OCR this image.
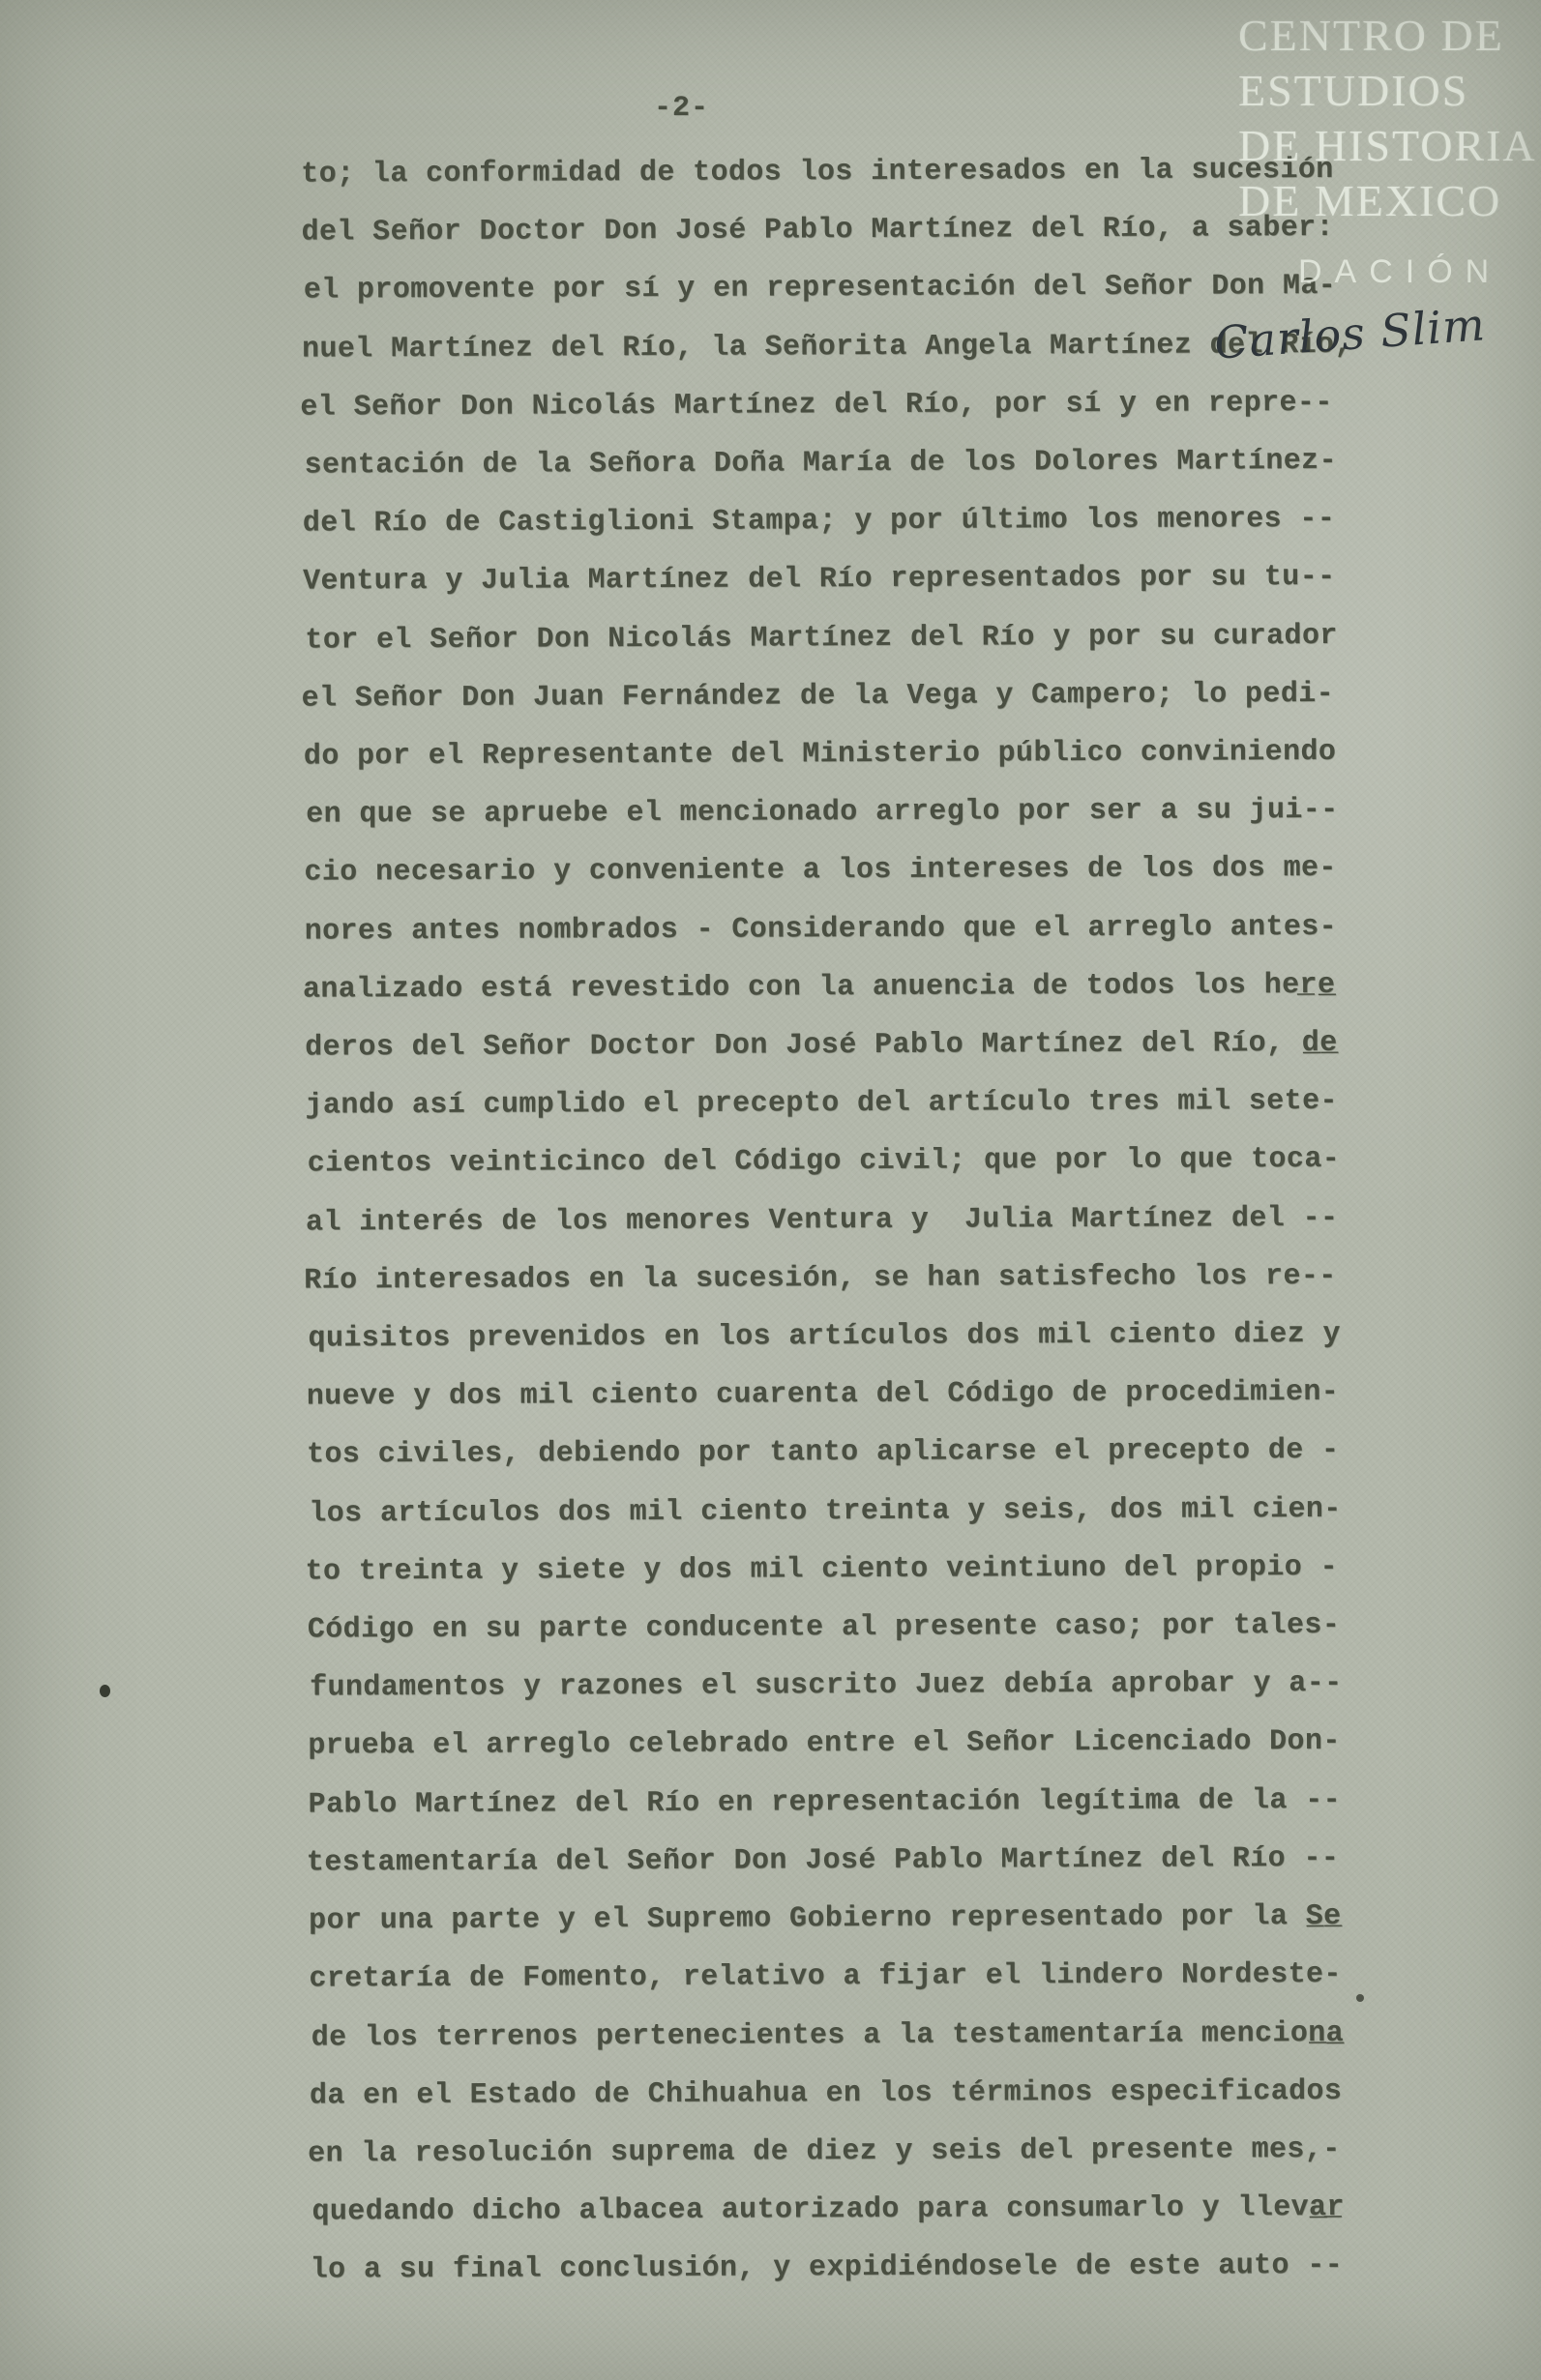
-2-
to; la conformidad de todos los interesados en la sucesión
del Señor Doctor Don José Pablo Martínez del Río, a saber:
el promovente por sí y en representación del Señor Don Ma-
nuel Martínez del Río, la Señorita Angela Martínez del Río,
el Señor Don Nicolás Martínez del Río, por sí y en repre--
sentación de la Señora Doña María de los Dolores Martínez-
del Río de Castiglioni Stampa; y por último los menores --
Ventura y Julia Martínez del Río representados por su tu--
tor el Señor Don Nicolás Martínez del Río y por su curador
el Señor Don Juan Fernández de la Vega y Campero; lo pedi-
do por el Representante del Ministerio público conviniendo
en que se apruebe el mencionado arreglo por ser a su jui--
cio necesario y conveniente a los intereses de los dos me-
nores antes nombrados - Considerando que el arreglo antes-
analizado está revestido con la anuencia de todos los her̲e̲
deros del Señor Doctor Don José Pablo Martínez del Río, d̲e̲
jando así cumplido el precepto del artículo tres mil sete-
cientos veinticinco del Código civil; que por lo que toca-
al interés de los menores Ventura y  Julia Martínez del --
Río interesados en la sucesión, se han satisfecho los re--
quisitos prevenidos en los artículos dos mil ciento diez y
nueve y dos mil ciento cuarenta del Código de procedimien-
tos civiles, debiendo por tanto aplicarse el precepto de -
los artículos dos mil ciento treinta y seis, dos mil cien-
to treinta y siete y dos mil ciento veintiuno del propio -
Código en su parte conducente al presente caso; por tales-
fundamentos y razones el suscrito Juez debía aprobar y a--
prueba el arreglo celebrado entre el Señor Licenciado Don-
Pablo Martínez del Río en representación legítima de la --
testamentaría del Señor Don José Pablo Martínez del Río --
por una parte y el Supremo Gobierno representado por la S̲e̲
cretaría de Fomento, relativo a fijar el lindero Nordeste-
de los terrenos pertenecientes a la testamentaría mencion̲a̲
da en el Estado de Chihuahua en los términos especificados
en la resolución suprema de diez y seis del presente mes,-
quedando dicho albacea autorizado para consumarlo y lleva̲r̲
lo a su final conclusión, y expidiéndosele de este auto --
CENTRO DE
ESTUDIOS
DE HISTORIA
DE MEXICO
DACIÓN
Carlos Slim
